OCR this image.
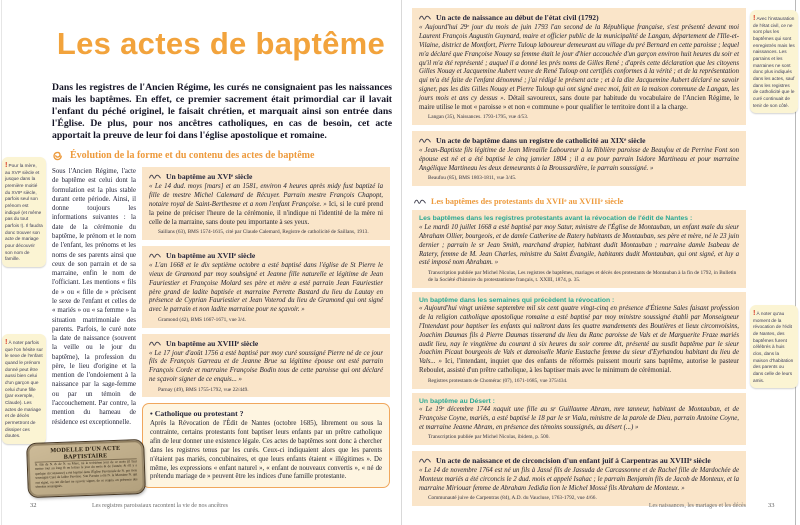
Les actes de baptême
Dans les registres de l'Ancien Régime, les curés ne consignaient pas les naissances mais les baptêmes. En effet, ce premier sacrement était primordial car il lavait l'enfant du péché originel, le faisait chrétien, et marquait ainsi son entrée dans l'Église. De plus, pour nos ancêtres catholiques, en cas de besoin, cet acte apportait la preuve de leur foi dans l'église apostolique et romaine.
Évolution de la forme et du contenu des actes de baptême
!Pour la mère, au XVIᵉ siècle et jusque dans la première moitié du XVIIᵉ siècle, parfois seul son prénom est indiqué (et même pas du tout parfois !). Il faudra donc trouver son acte de mariage pour découvrir son nom de famille.
!À noter parfois que l'on hésite sur le sexe de l'enfant quand le prénom donné peut être aussi bien celui d'un garçon que celui d'une fille (par exemple, Claude). Les actes de mariage et de décès permettront de dissiper ces doutes.
Sous l'Ancien Régime, l'acte de baptême est celui dont la formulation est la plus stable durant cette période. Ainsi, il donne toujours les informations suivantes : la date de la cérémonie du baptême, le prénom et le nom de l'enfant, les prénoms et les noms de ses parents ainsi que ceux de son parrain et de sa marraine, enfin le nom de l'officiant. Les mentions « fils de » ou « fille de » précisent le sexe de l'enfant et celles de « mariés » ou « sa femme » la situation matrimoniale des parents. Parfois, le curé note la date de naissance (souvent la veille ou le jour du baptême), la profession du père, le lieu d'origine et la mention de l'ondoiement à la naissance par la sage-femme ou par un témoin de l'accouchement. Par contre, la mention du hameau de résidence est exceptionnelle.
Un baptême au XVIᵉ siècle
« Le 14 dud. moys [mars] et an 1581, environ 4 heures après midy fust baptizé la fille de mestre Michel Calemard de Récuyer. Parrain mestre François Chapopt, notaire royal de Saint-Berthesme et a nom l'enfant Françoise. » Ici, si le curé prend la peine de préciser l'heure de la cérémonie, il n'indique ni l'identité de la mère ni celle de la marraine, sans doute peu importante à ses yeux.
Saillans (63), BMS 1574-1615, cité par Claude Calemard, Registre de catholicité de Saillans, 1913.
Un baptême au XVIIᵉ siècle
« L'an 1668 et le dix septième octobre a esté baptisé dans l'église de St Pierre le vieux de Gramond par moy soubsigné et Jeanne fille naturelle et légitime de Jean Fauriestier et Françoise Molard ses père et mère a esté parrain Jean Fauriestier père grand de ladite baptisée et marraine Perrette Bastard du lieu du Lautay en présence de Cyprian Fauriestier et Jean Voterod du lieu de Gramond qui ont signé avec le parrain et non ladite marraine pour ne sçavoir. »
Gramond (42), BMS 1667-1671, vue 3/4.
Un baptême au XVIIIᵉ siècle
« Le 17 jour d'août 1756 a esté baptisé par moy curé soussigné Pierre né de ce jour fils de François Garreau et de Jeanne Brue sa légitime épouse ont esté parrain François Corde et marraine Françoise Bodin tous de cette paroisse qui ont déclaré ne sçavoir signer de ce enquis... »
Parnay (49), BMS 1755-1792, vue 22/449.
• Catholique ou protestant ?
Après la Révocation de l'Édit de Nantes (octobre 1685), librement ou sous la contrainte, certains protestants font baptiser leurs enfants par un prêtre catholique afin de leur donner une existence légale. Ces actes de baptêmes sont donc à chercher dans les registres tenus par les curés. Ceux-ci indiquaient alors que les parents n'étaient pas mariés, concubinaires, et que leurs enfants étaient « illégitimes ». De même, les expressions « enfant naturel », « enfant de nouveaux convertis », « né de prétendu mariage de » peuvent être les indices d'une famille protestante.
MODELLE D'UN ACTE BAPTISTAIRE
N. fils de N. & de N. sa Mere, né le troisième jour de ce mois (il faut mettre tout au long & en lettres le jour du mois & de l'année, & s'il y a quelque circonstance) a été baptisé dans l'Église Paroissiale de N. par moy soussigné Curé de ladite Paroisse. Son Parrain a été N. la Marraine N. qui ont signé, ou ont déclaré ne sçavoir signer, de ce requis, en présence des témoins soussignés.
32	Les registres paroissiaux racontent la vie de nos ancêtres
Un acte de naissance au début de l'état civil (1792)
« Aujourd'hui 29ᵉ jour du mois de juin 1793 l'an second de la République française, s'est présenté devant moi Laurent François Augustin Guynard, maire et officier public de la municipalité de Langan, département de l'Ille-et-Vilaine, district de Montfort, Pierre Tuloup laboureur demeurant au village du pré Bernard en cette paroisse ; lequel m'a déclaré que Françoise Nouay sa femme était le jour d'hier accouchée d'un garçon environ huit heures du soir et qu'il m'a été représenté ; auquel il a donné les prés noms de Gilles René ; d'après cette déclaration que les citoyens Gilles Nouay et Jacquemine Aubert veuve de René Tuloup ont certifiés conformes à la vérité ; et de la représentation qui m'a été faite de l'enfant dénommé ; j'ai rédigé le présent acte ; et à la dite Jacquemine Aubert déclaré ne savoir signer, pas les dits Gilles Nouay et Pierre Tuloup qui ont signé avec moi, fait en la maison commune de Langan, les jours mois et ans cy dessus ». Détail savoureux, sans doute par habitude du vocabulaire de l'Ancien Régime, le maire utilise le mot « paroisse » et non « commune » pour qualifier le territoire dont il a la charge.
Langan (35), Naissances. 1793-1795, vue 4/53.
Un acte de baptême dans un registre de catholicité au XIXᵉ siècle
« Jean-Baptiste fils légitime de Jean Mireaille Laboureur à la Riblière paroisse de Beaufou et de Perrine Font son épouse est né et a été baptisé le cinq janvier 1804 ; il a eu pour parrain Isidore Martineau et pour marraine Angélique Martineau les deux demeurants à la Broussardière, le parrain soussigné. »
Beaufou (85), BMS 1803-1811, vue 3/45.
Les baptêmes des protestants du XVIIᵉ au XVIIIᵉ siècle
Les baptêmes dans les registres protestants avant la révocation de l'édit de Nantes :
« Le mardi 10 juillet 1668 a esté baptisé par moy Satur, ministre de l'Église de Montauban, un enfant male du sieur Abraham Ollier, bourgeois, et de damle Catherine de Ratery habitants de Montauban, ses père et mère, né le 23 juin dernier ; parrain le sr Jean Smith, marchand drapier, habitant dudit Montauban ; marraine damle Isabeau de Ratery, femme de M. Jean Charles, ministre du Saint Évangile, habitants dudit Montauban, qui ont signé, et luy a esté imposé nom Abraham. »
Transcription publiée par Michel Nicolas, Les registres de baptêmes, mariages et décès des protestants de Montauban à la fin de 1792, in Bulletin de la Société d'histoire du protestantisme français, t. XXIII, 1874, p. 35.
Un baptême dans les semaines qui précèdent la révocation :
« Aujourd'hui vingt unième septembre mil six cent quatre vingt-cinq en présence d'Étienne Sales faisant profession de la religion catholique apostolique romaine a esté baptisé par moy ministre soussigné établi par Monseigneur l'Intendant pour baptiser les enfants qui naîtront dans les quatre mandements des Boutières et lieux circonvoisins, Joachim Daumas fils à Pierre Daumas tisserand du lieu du Ranc paroisse de Vals et de Marguerite Fraze mariés audit lieu, nay le vingtième du courant à six heures du soir comme dit, présenté au susdit baptême par le sieur Joachim Picaut bourgeois de Vals et damoiselle Marie Eustache femme du sieur d'Eyrhandou habitant du lieu de Vals... » Ici, l'intendant, inquiet que des enfants de réformés puissent mourir sans baptême, autorise le pasteur Reboulet, assisté d'un prêtre catholique, à les baptiser mais avec le minimum de cérémonial.
Registres protestants de Chomérac (07), 1671-1685, vue 375/434.
Un baptême au Désert :
« Le 19ᵉ décembre 1744 naquit une fille au sr Guillaume Abram, mre tanneur, habitant de Montauban, et de Françoise Coyne, mariés, a esté baptisé le 18 par le sr Viala, ministre de la parole de Dieu, parrain Antoine Coyne, et marraine Jeanne Abram, en présence des témoins soussignés, au désert (...) »
Transcription publiée par Michel Nicolas, ibidem, p. 500.
Un acte de naissance et de circoncision d'un enfant juif à Carpentras au XVIIIᵉ siècle
« Le 14 de novembre 1764 est né un fils à Jassé fils de Jassuda de Carcassonne et de Rachel fille de Mardochée de Monteux mariés a été circoncis le 2 dud. mois et appelé Isahac ; le parrain Benjamin fils de Jacob de Monteux, et la marraine Miriouar femme de Abraham Jedidia lion le Michel Mossé fils Abraham de Monteux. »
Communauté juive de Carpentras (84), A.D. du Vaucluse, 1763-1792, vue 4/66.
!Avec l'instauration de l'état civil, ce ne sont plus les baptêmes qui sont enregistrés mais les naissances. Les parrains et les marraines ne sont donc plus indiqués dans les actes, sauf dans les registres de catholicité que le curé continuait de tenir de son côté.
!À noter qu'au moment de la révocation de l'édit de Nantes, des baptêmes furent célébrés à huis clos, dans la maison d'habitation des parents ou dans celle de leurs amis.
Les naissances, les mariages et les décès	33
